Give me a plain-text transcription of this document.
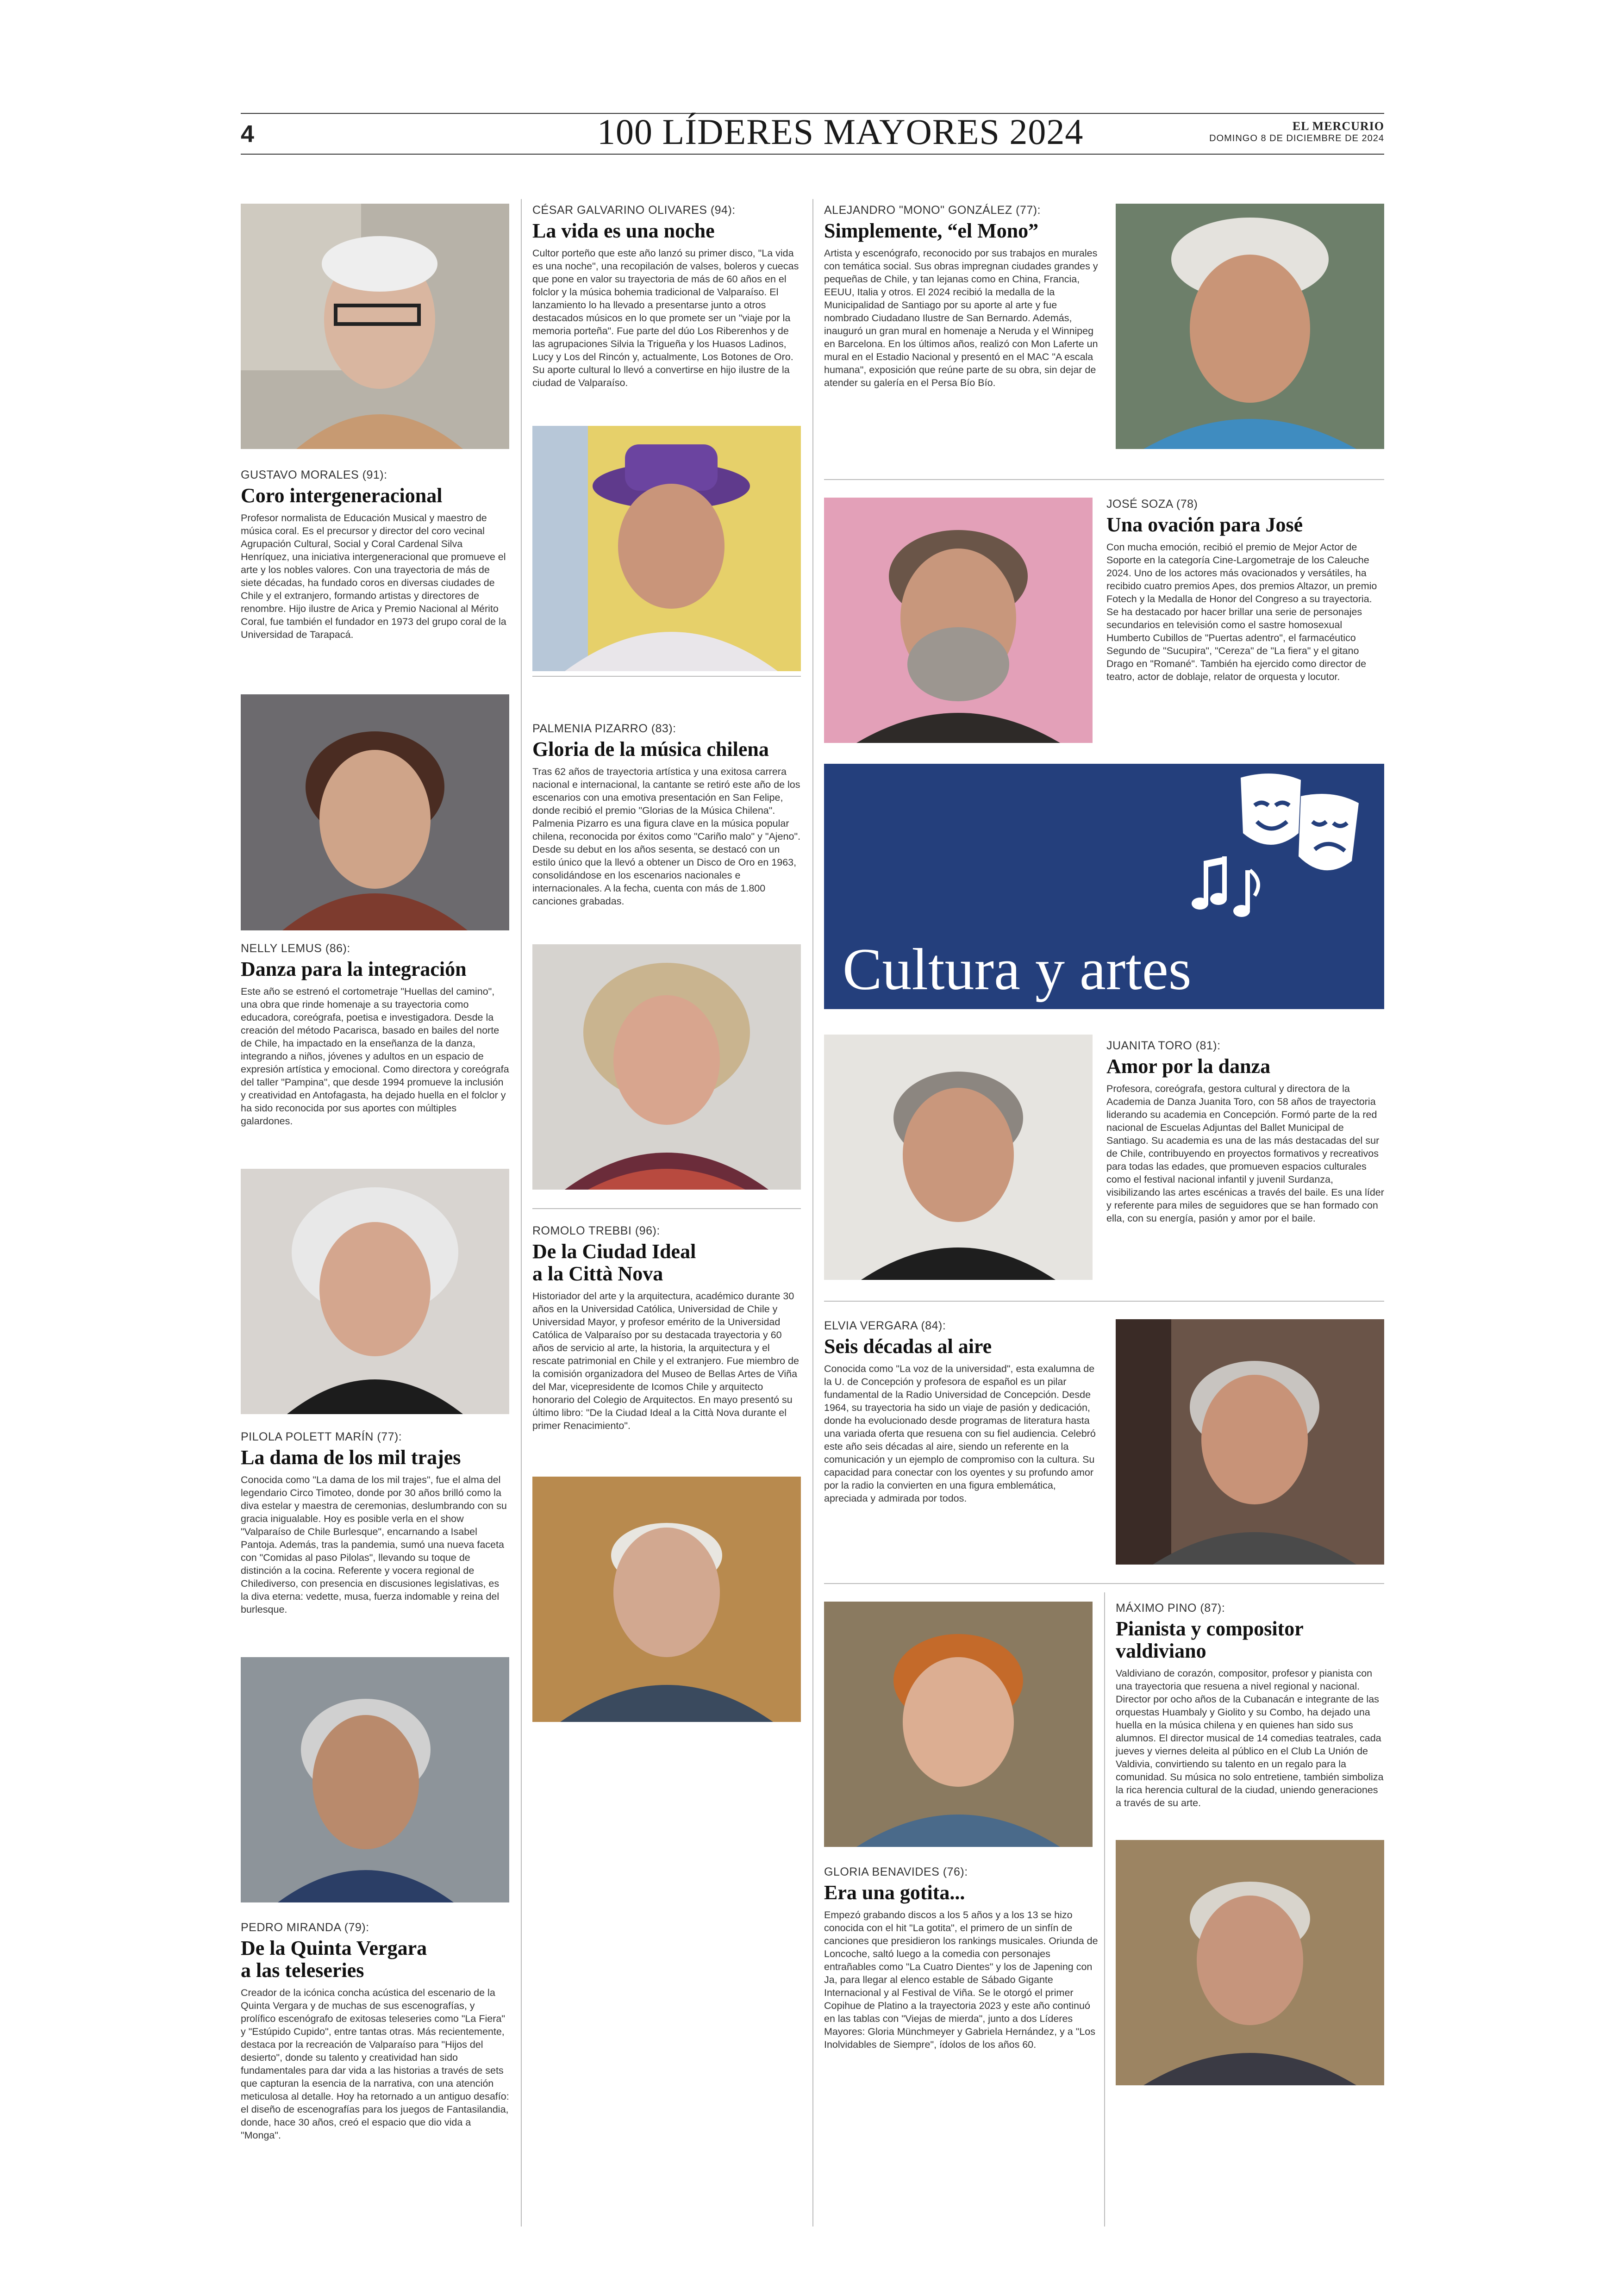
4	100 LÍDERES MAYORES 2024	EL MERCURIO
DOMINGO 8 DE DICIEMBRE DE 2024

GUSTAVO MORALES (91):

Coro intergeneracional

Profesor normalista de Educación Musical y maestro de música coral. Es el precursor y director del coro vecinal Agrupación Cultural, Social y Coral Cardenal Silva Henríquez, una iniciativa intergeneracional que promueve el arte y los nobles valores. Con una trayectoria de más de siete décadas, ha fundado coros en diversas ciudades de Chile y el extranjero, formando artistas y directores de renombre. Hijo ilustre de Arica y Premio Nacional al Mérito Coral, fue también el fundador en 1973 del grupo coral de la Universidad de Tarapacá.

NELLY LEMUS (86):

Danza para la integración

Este año se estrenó el cortometraje "Huellas del camino", una obra que rinde homenaje a su trayectoria como educadora, coreógrafa, poetisa e investigadora. Desde la creación del método Pacarisca, basado en bailes del norte de Chile, ha impactado en la enseñanza de la danza, integrando a niños, jóvenes y adultos en un espacio de expresión artística y emocional. Como directora y coreógrafa del taller "Pampina", que desde 1994 promueve la inclusión y creatividad en Antofagasta, ha dejado huella en el folclor y ha sido reconocida por sus aportes con múltiples galardones.

PILOLA POLETT MARÍN (77):

La dama de los mil trajes

Conocida como "La dama de los mil trajes", fue el alma del legendario Circo Timoteo, donde por 30 años brilló como la diva estelar y maestra de ceremonias, deslumbrando con su gracia inigualable. Hoy es posible verla en el show "Valparaíso de Chile Burlesque", encarnando a Isabel Pantoja. Además, tras la pandemia, sumó una nueva faceta con "Comidas al paso Pilolas", llevando su toque de distinción a la cocina. Referente y vocera regional de Chilediverso, con presencia en discusiones legislativas, es la diva eterna: vedette, musa, fuerza indomable y reina del burlesque.

PEDRO MIRANDA (79):

De la Quinta Vergara
a las teleseries

Creador de la icónica concha acústica del escenario de la Quinta Vergara y de muchas de sus escenografías, y prolífico escenógrafo de exitosas teleseries como "La Fiera" y "Estúpido Cupido", entre tantas otras. Más recientemente, destaca por la recreación de Valparaíso para "Hijos del desierto", donde su talento y creatividad han sido fundamentales para dar vida a las historias a través de sets que capturan la esencia de la narrativa, con una atención meticulosa al detalle. Hoy ha retornado a un antiguo desafío: el diseño de escenografías para los juegos de Fantasilandia, donde, hace 30 años, creó el espacio que dio vida a "Monga".

CÉSAR GALVARINO OLIVARES (94):

La vida es una noche

Cultor porteño que este año lanzó su primer disco, "La vida es una noche", una recopilación de valses, boleros y cuecas que pone en valor su trayectoria de más de 60 años en el folclor y la música bohemia tradicional de Valparaíso. El lanzamiento lo ha llevado a presentarse junto a otros destacados músicos en lo que promete ser un "viaje por la memoria porteña". Fue parte del dúo Los Riberenhos y de las agrupaciones Silvia la Trigueña y los Huasos Ladinos, Lucy y Los del Rincón y, actualmente, Los Botones de Oro. Su aporte cultural lo llevó a convertirse en hijo ilustre de la ciudad de Valparaíso.

PALMENIA PIZARRO (83):

Gloria de la música chilena

Tras 62 años de trayectoria artística y una exitosa carrera nacional e internacional, la cantante se retiró este año de los escenarios con una emotiva presentación en San Felipe, donde recibió el premio "Glorias de la Música Chilena". Palmenia Pizarro es una figura clave en la música popular chilena, reconocida por éxitos como "Cariño malo" y "Ajeno". Desde su debut en los años sesenta, se destacó con un estilo único que la llevó a obtener un Disco de Oro en 1963, consolidándose en los escenarios nacionales e internacionales. A la fecha, cuenta con más de 1.800 canciones grabadas.

ROMOLO TREBBI (96):

De la Ciudad Ideal
a la Città Nova

Historiador del arte y la arquitectura, académico durante 30 años en la Universidad Católica, Universidad de Chile y Universidad Mayor, y profesor emérito de la Universidad Católica de Valparaíso por su destacada trayectoria y 60 años de servicio al arte, la historia, la arquitectura y el rescate patrimonial en Chile y el extranjero. Fue miembro de la comisión organizadora del Museo de Bellas Artes de Viña del Mar, vicepresidente de Icomos Chile y arquitecto honorario del Colegio de Arquitectos. En mayo presentó su último libro: "De la Ciudad Ideal a la Città Nova durante el primer Renacimiento".

ALEJANDRO "MONO" GONZÁLEZ (77):

Simplemente, “el Mono”

Artista y escenógrafo, reconocido por sus trabajos en murales con temática social. Sus obras impregnan ciudades grandes y pequeñas de Chile, y tan lejanas como en China, Francia, EEUU, Italia y otros. El 2024 recibió la medalla de la Municipalidad de Santiago por su aporte al arte y fue nombrado Ciudadano Ilustre de San Bernardo. Además, inauguró un gran mural en homenaje a Neruda y el Winnipeg en Barcelona. En los últimos años, realizó con Mon Laferte un mural en el Estadio Nacional y presentó en el MAC "A escala humana", exposición que reúne parte de su obra, sin dejar de atender su galería en el Persa Bío Bío.

JOSÉ SOZA (78)

Una ovación para José

Con mucha emoción, recibió el premio de Mejor Actor de Soporte en la categoría Cine-Largometraje de los Caleuche 2024. Uno de los actores más ovacionados y versátiles, ha recibido cuatro premios Apes, dos premios Altazor, un premio Fotech y la Medalla de Honor del Congreso a su trayectoria. Se ha destacado por hacer brillar una serie de personajes secundarios en televisión como el sastre homosexual Humberto Cubillos de "Puertas adentro", el farmacéutico Segundo de "Sucupira", "Cereza" de "La fiera" y el gitano Drago en "Romané". También ha ejercido como director de teatro, actor de doblaje, relator de orquesta y locutor.

Cultura y artes

JUANITA TORO (81):

Amor por la danza

Profesora, coreógrafa, gestora cultural y directora de la Academia de Danza Juanita Toro, con 58 años de trayectoria liderando su academia en Concepción. Formó parte de la red nacional de Escuelas Adjuntas del Ballet Municipal de Santiago. Su academia es una de las más destacadas del sur de Chile, contribuyendo en proyectos formativos y recreativos para todas las edades, que promueven espacios culturales como el festival nacional infantil y juvenil Surdanza, visibilizando las artes escénicas a través del baile. Es una líder y referente para miles de seguidores que se han formado con ella, con su energía, pasión y amor por el baile.

ELVIA VERGARA (84):

Seis décadas al aire

Conocida como "La voz de la universidad", esta exalumna de la U. de Concepción y profesora de español es un pilar fundamental de la Radio Universidad de Concepción. Desde 1964, su trayectoria ha sido un viaje de pasión y dedicación, donde ha evolucionado desde programas de literatura hasta una variada oferta que resuena con su fiel audiencia. Celebró este año seis décadas al aire, siendo un referente en la comunicación y un ejemplo de compromiso con la cultura. Su capacidad para conectar con los oyentes y su profundo amor por la radio la convierten en una figura emblemática, apreciada y admirada por todos.

GLORIA BENAVIDES (76):

Era una gotita...

Empezó grabando discos a los 5 años y a los 13 se hizo conocida con el hit "La gotita", el primero de un sinfín de canciones que presidieron los rankings musicales. Oriunda de Loncoche, saltó luego a la comedia con personajes entrañables como "La Cuatro Dientes" y los de Japening con Ja, para llegar al elenco estable de Sábado Gigante Internacional y al Festival de Viña. Se le otorgó el primer Copihue de Platino a la trayectoria 2023 y este año continuó en las tablas con "Viejas de mierda", junto a dos Líderes Mayores: Gloria Münchmeyer y Gabriela Hernández, y a "Los Inolvidables de Siempre", ídolos de los años 60.

MÁXIMO PINO (87):

Pianista y compositor
valdiviano

Valdiviano de corazón, compositor, profesor y pianista con una trayectoria que resuena a nivel regional y nacional. Director por ocho años de la Cubanacán e integrante de las orquestas Huambaly y Giolito y su Combo, ha dejado una huella en la música chilena y en quienes han sido sus alumnos. El director musical de 14 comedias teatrales, cada jueves y viernes deleita al público en el Club La Unión de Valdivia, convirtiendo su talento en un regalo para la comunidad. Su música no solo entretiene, también simboliza la rica herencia cultural de la ciudad, uniendo generaciones a través de su arte.
